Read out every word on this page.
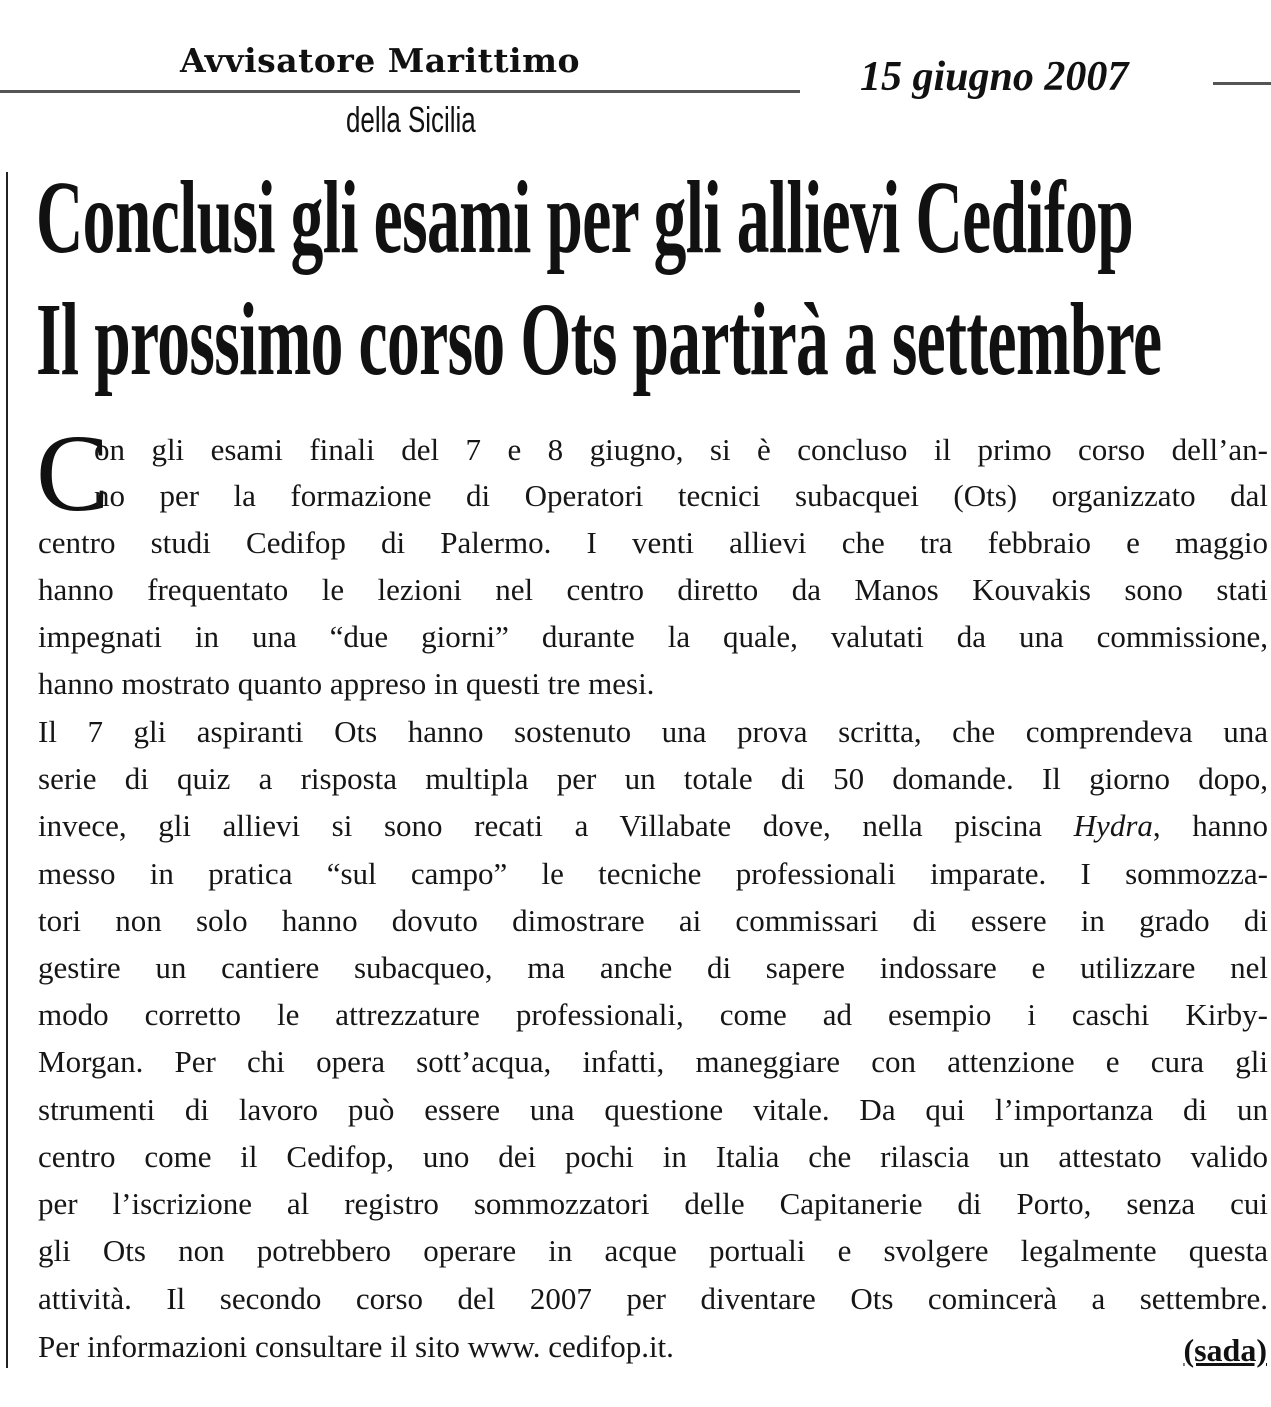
Avvisatore Marittimo
della Sicilia
15 giugno 2007
Conclusi gli esami per gli allievi Cedifop
Il prossimo corso Ots partirà a settembre
C
on gli esami finali del 7 e 8 giugno, si è concluso il primo corso dell’an-
no per la formazione di Operatori tecnici subacquei (Ots) organizzato dal
centro studi Cedifop di Palermo. I venti allievi che tra febbraio e maggio
hanno frequentato le lezioni nel centro diretto da Manos Kouvakis sono stati
impegnati in una “due giorni” durante la quale, valutati da una commissione,
hanno mostrato quanto appreso in questi tre mesi.
Il 7 gli aspiranti Ots hanno sostenuto una prova scritta, che comprendeva una
serie di quiz a risposta multipla per un totale di 50 domande. Il giorno dopo,
invece, gli allievi si sono recati a Villabate dove, nella piscina Hydra, hanno
messo in pratica “sul campo” le tecniche professionali imparate. I sommozza-
tori non solo hanno dovuto dimostrare ai commissari di essere in grado di
gestire un cantiere subacqueo, ma anche di sapere indossare e utilizzare nel
modo corretto le attrezzature professionali, come ad esempio i caschi Kirby-
Morgan. Per chi opera sott’acqua, infatti, maneggiare con attenzione e cura gli
strumenti di lavoro può essere una questione vitale. Da qui l’importanza di un
centro come il Cedifop, uno dei pochi in Italia che rilascia un attestato valido
per l’iscrizione al registro sommozzatori delle Capitanerie di Porto, senza cui
gli Ots non potrebbero operare in acque portuali e svolgere legalmente questa
attività. Il secondo corso del 2007 per diventare Ots comincerà a settembre.
Per informazioni consultare il sito www. cedifop.it.	(sada)
